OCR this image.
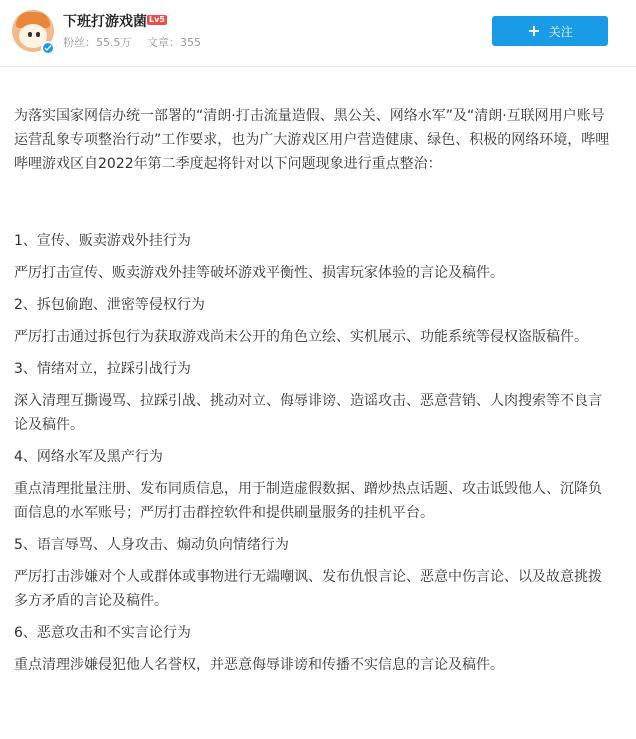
下班打游戏菌 Lv5
粉丝：55.5万 文章：355
+ 关注

为落实国家网信办统一部署的“清朗·打击流量造假、黑公关、网络水军”及“清朗·互联网用户账号运营乱象专项整治行动”工作要求，也为广大游戏区用户营造健康、绿色、积极的网络环境，哔哩哔哩游戏区自2022年第二季度起将针对以下问题现象进行重点整治：

1、宣传、贩卖游戏外挂行为

严厉打击宣传、贩卖游戏外挂等破坏游戏平衡性、损害玩家体验的言论及稿件。

2、拆包偷跑、泄密等侵权行为

严厉打击通过拆包行为获取游戏尚未公开的角色立绘、实机展示、功能系统等侵权盗版稿件。

3、情绪对立，拉踩引战行为

深入清理互撕谩骂、拉踩引战、挑动对立、侮辱诽谤、造谣攻击、恶意营销、人肉搜索等不良言论及稿件。

4、网络水军及黑产行为

重点清理批量注册、发布同质信息，用于制造虚假数据、蹭炒热点话题、攻击诋毁他人、沉降负面信息的水军账号；严厉打击群控软件和提供刷量服务的挂机平台。

5、语言辱骂、人身攻击、煽动负向情绪行为

严厉打击涉嫌对个人或群体或事物进行无端嘲讽、发布仇恨言论、恶意中伤言论、以及故意挑拨多方矛盾的言论及稿件。

6、恶意攻击和不实言论行为

重点清理涉嫌侵犯他人名誉权，并恶意侮辱诽谤和传播不实信息的言论及稿件。
